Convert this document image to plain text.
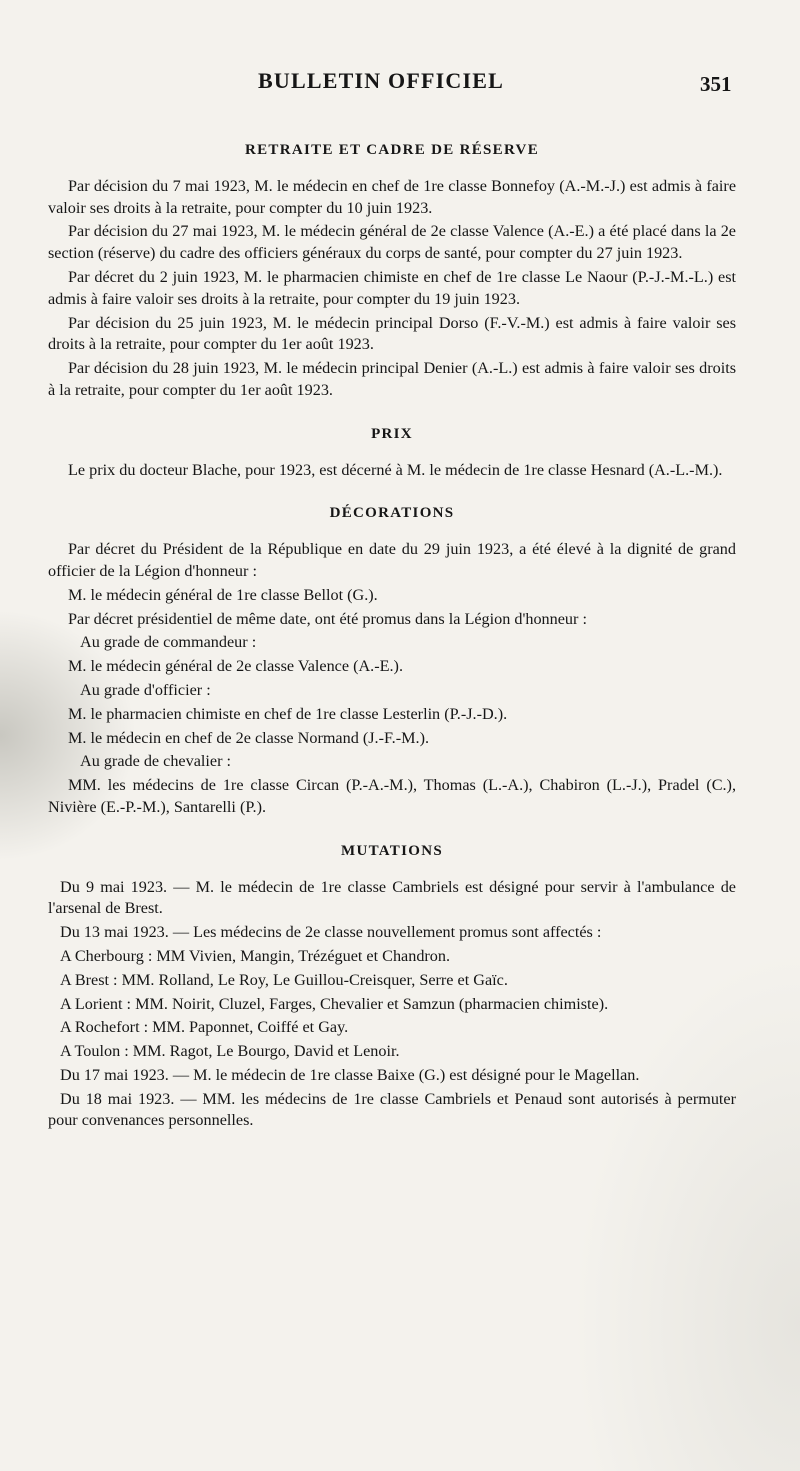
BULLETIN OFFICIEL	351
RETRAITE ET CADRE DE RÉSERVE

Par décision du 7 mai 1923, M. le médecin en chef de 1re classe Bonnefoy (A.-M.-J.) est admis à faire valoir ses droits à la retraite, pour compter du 10 juin 1923.

Par décision du 27 mai 1923, M. le médecin général de 2e classe Valence (A.-E.) a été placé dans la 2e section (réserve) du cadre des officiers généraux du corps de santé, pour compter du 27 juin 1923.

Par décret du 2 juin 1923, M. le pharmacien chimiste en chef de 1re classe Le Naour (P.-J.-M.-L.) est admis à faire valoir ses droits à la retraite, pour compter du 19 juin 1923.

Par décision du 25 juin 1923, M. le médecin principal Dorso (F.-V.-M.) est admis à faire valoir ses droits à la retraite, pour compter du 1er août 1923.

Par décision du 28 juin 1923, M. le médecin principal Denier (A.-L.) est admis à faire valoir ses droits à la retraite, pour compter du 1er août 1923.

PRIX

Le prix du docteur Blache, pour 1923, est décerné à M. le médecin de 1re classe Hesnard (A.-L.-M.).

DÉCORATIONS

Par décret du Président de la République en date du 29 juin 1923, a été élevé à la dignité de grand officier de la Légion d'honneur :

M. le médecin général de 1re classe Bellot (G.).

Par décret présidentiel de même date, ont été promus dans la Légion d'honneur :

Au grade de commandeur :

M. le médecin général de 2e classe Valence (A.-E.).

Au grade d'officier :

M. le pharmacien chimiste en chef de 1re classe Lesterlin (P.-J.-D.).

M. le médecin en chef de 2e classe Normand (J.-F.-M.).

Au grade de chevalier :

MM. les médecins de 1re classe Circan (P.-A.-M.), Thomas (L.-A.), Chabiron (L.-J.), Pradel (C.), Nivière (E.-P.-M.), Santarelli (P.).

MUTATIONS

Du 9 mai 1923. — M. le médecin de 1re classe Cambriels est désigné pour servir à l'ambulance de l'arsenal de Brest.

Du 13 mai 1923. — Les médecins de 2e classe nouvellement promus sont affectés :

A Cherbourg : MM Vivien, Mangin, Trézéguet et Chandron.

A Brest : MM. Rolland, Le Roy, Le Guillou-Creisquer, Serre et Gaïc.

A Lorient : MM. Noirit, Cluzel, Farges, Chevalier et Samzun (pharmacien chimiste).

A Rochefort : MM. Paponnet, Coiffé et Gay.

A Toulon : MM. Ragot, Le Bourgo, David et Lenoir.

Du 17 mai 1923. — M. le médecin de 1re classe Baixe (G.) est désigné pour le Magellan.

Du 18 mai 1923. — MM. les médecins de 1re classe Cambriels et Penaud sont autorisés à permuter pour convenances personnelles.
